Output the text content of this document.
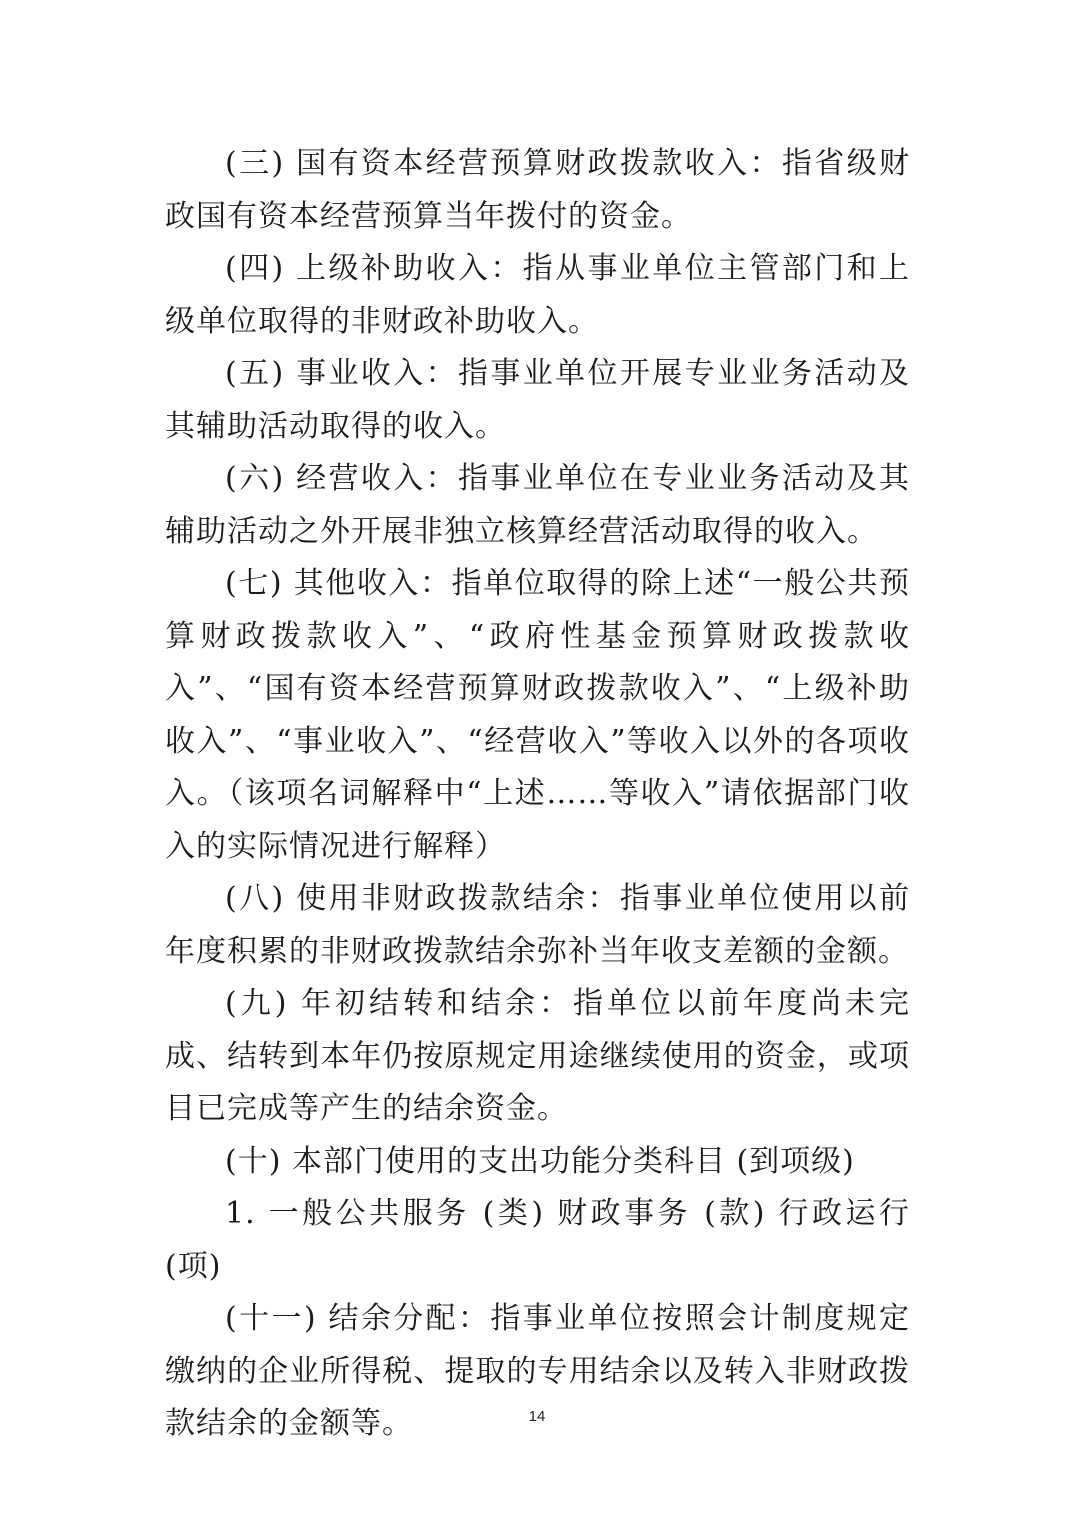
(三) 国有资本经营预算财政拨款收入：指省级财政国有资本经营预算当年拨付的资金。

(四) 上级补助收入：指从事业单位主管部门和上级单位取得的非财政补助收入。

(五) 事业收入：指事业单位开展专业业务活动及其辅助活动取得的收入。

(六) 经营收入：指事业单位在专业业务活动及其辅助活动之外开展非独立核算经营活动取得的收入。

(七) 其他收入：指单位取得的除上述“一般公共预算财政拨款收入”、“政府性基金预算财政拨款收入”、“国有资本经营预算财政拨款收入”、“上级补助收入”、“事业收入”、“经营收入”等收入以外的各项收入。（该项名词解释中“上述……等收入”请依据部门收入的实际情况进行解释）

(八) 使用非财政拨款结余：指事业单位使用以前年度积累的非财政拨款结余弥补当年收支差额的金额。

(九) 年初结转和结余：指单位以前年度尚未完成、结转到本年仍按原规定用途继续使用的资金，或项目已完成等产生的结余资金。

(十) 本部门使用的支出功能分类科目 (到项级)

1. 一般公共服务 (类) 财政事务 (款) 行政运行 (项)

(十一) 结余分配：指事业单位按照会计制度规定缴纳的企业所得税、提取的专用结余以及转入非财政拨款结余的金额等。	14
